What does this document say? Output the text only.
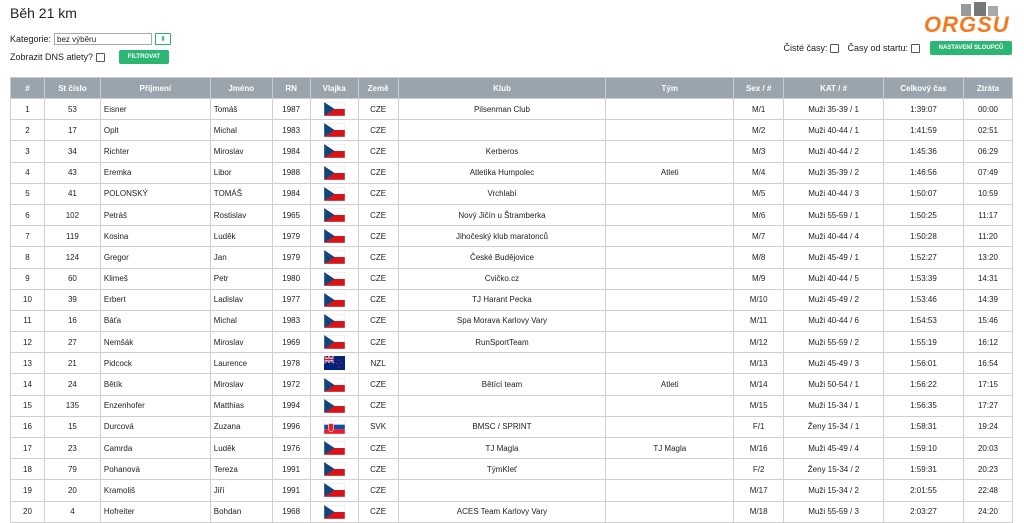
Běh 21 km	ORGSU
Kategorie: bez výběru	⬍
Zobrazit DNS atlety?	FILTROVAT
Čisté časy: Časy od startu:	NASTAVENÍ SLOUPCŮ
#	St číslo	Příjmení	Jméno	RN	Vlajka	Země	Klub	Tým	Sex / #	KAT / #	Celkový čas	Ztráta
1	53	Eisner	Tomáš	1987		CZE	Pilsenman Club		M/1	Muži 35-39 / 1	1:39:07	00:00
2	17	Oplt	Michal	1983		CZE			M/2	Muži 40-44 / 1	1:41:59	02:51
3	34	Richter	Miroslav	1984		CZE	Kerberos		M/3	Muži 40-44 / 2	1:45:36	06:29
4	43	Eremka	Libor	1988		CZE	Atletika Humpolec	Atleti	M/4	Muži 35-39 / 2	1:46:56	07:49
5	41	POLONSKÝ	TOMÁŠ	1984		CZE	Vrchlabí		M/5	Muži 40-44 / 3	1:50:07	10:59
6	102	Petráš	Rostislav	1965		CZE	Nový Jičín u Štramberka		M/6	Muži 55-59 / 1	1:50:25	11:17
7	119	Kosina	Luděk	1979		CZE	Jihočeský klub maratonců		M/7	Muži 40-44 / 4	1:50:28	11:20
8	124	Gregor	Jan	1979		CZE	České Budějovice		M/8	Muži 45-49 / 1	1:52:27	13:20
9	60	Klimeš	Petr	1980		CZE	Cvičko.cz		M/9	Muži 40-44 / 5	1:53:39	14:31
10	39	Erbert	Ladislav	1977		CZE	TJ Harant Pecka		M/10	Muži 45-49 / 2	1:53:46	14:39
11	16	Báťa	Michal	1983		CZE	Spa Morava Karlovy Vary		M/11	Muži 40-44 / 6	1:54:53	15:46
12	27	Nemšák	Miroslav	1969		CZE	RunSportTeam		M/12	Muži 55-59 / 2	1:55:19	16:12
13	21	Pidcock	Laurence	1978		NZL			M/13	Muži 45-49 / 3	1:56:01	16:54
14	24	Bětík	Miroslav	1972		CZE	Bětící team	Atleti	M/14	Muži 50-54 / 1	1:56:22	17:15
15	135	Enzenhofer	Matthias	1994		CZE			M/15	Muži 15-34 / 1	1:56:35	17:27
16	15	Durcová	Zuzana	1996		SVK	BMSC / SPRINT		F/1	Ženy 15-34 / 1	1:58:31	19:24
17	23	Camrda	Luděk	1976		CZE	TJ Magla	TJ Magla	M/16	Muži 45-49 / 4	1:59:10	20:03
18	79	Pohanová	Tereza	1991		CZE	TýmKleť		F/2	Ženy 15-34 / 2	1:59:31	20:23
19	20	Kramoliš	Jiří	1991		CZE			M/17	Muži 15-34 / 2	2:01:55	22:48
20	4	Hofreiter	Bohdan	1968		CZE	ACES Team Karlovy Vary		M/18	Muži 55-59 / 3	2:03:27	24:20
